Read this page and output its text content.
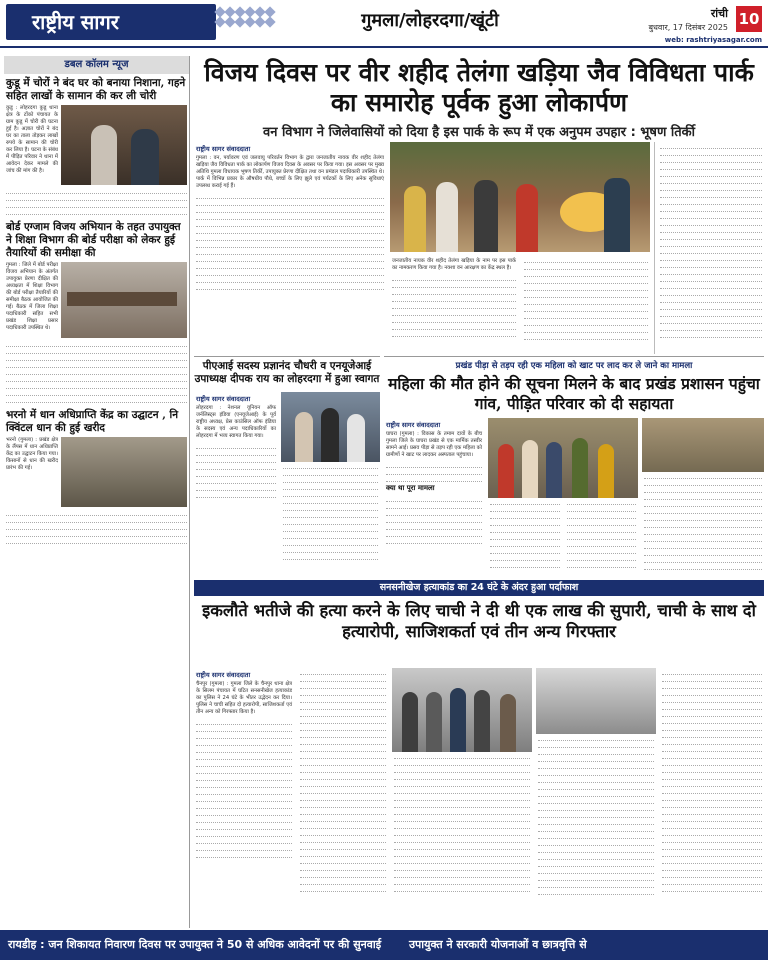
राष्ट्रीय सागर	गुमला/लोहरदगा/खूंटी	रांची
बुधवार, 17 दिसंबर 2025
web: rashtriyasagar.com
10
डबल कॉलम न्यूज
कुडू में चोरों ने बंद घर को बनाया निशाना, गहने सहित लाखों के सामान की कर ली चोरी
कुडू : लोहरदगा कुडू थाना क्षेत्र के टोंको पंचायत के ग्राम कुडू में चोरी की घटना हुई है। अज्ञात चोरों ने बंद घर का ताला तोड़कर लाखों रुपये के सामान की चोरी कर लिया है। घटना के संबंध में पीड़ित परिवार ने थाना में आवेदन देकर मामले की जांच की मांग की है।
बोर्ड एग्जाम विजय अभियान के तहत उपायुक्त ने शिक्षा विभाग की बोर्ड परीक्षा को लेकर हुई तैयारियों की समीक्षा की
गुमला : जिले में बोर्ड परीक्षा विजय अभियान के अंतर्गत उपायुक्त प्रेरणा दीक्षित की अध्यक्षता में शिक्षा विभाग की बोर्ड परीक्षा तैयारियों की समीक्षा बैठक आयोजित की गई। बैठक में जिला शिक्षा पदाधिकारी सहित सभी प्रखंड शिक्षा प्रसार पदाधिकारी उपस्थित थे।
भरनो में धान अधिप्राप्ति केंद्र का उद्घाटन , नि क्विंटल धान की हुई खरीद
भरनो (गुमला) : प्रखंड क्षेत्र के लैंपस में धान अधिप्राप्ति केंद्र का उद्घाटन किया गया। किसानों से धान की खरीद प्रारंभ की गई।
विजय दिवस पर वीर शहीद तेलंगा खड़िया जैव विविधता पार्क का समारोह पूर्वक हुआ लोकार्पण
वन विभाग ने जिलेवासियों को दिया है इस पार्क के रूप में एक अनुपम उपहार : भूषण तिर्की
राष्ट्रीय सागर संवाददाता
गुमला : वन, पर्यावरण एवं जलवायु परिवर्तन विभाग के द्वारा जनजातीय नायक वीर शहीद तेलंगा खड़िया जैव विविधता पार्क का लोकार्पण विजय दिवस के अवसर पर किया गया। इस अवसर पर मुख्य अतिथि गुमला विधायक भूषण तिर्की, उपायुक्त प्रेरणा दीक्षित तथा वन प्रमंडल पदाधिकारी उपस्थित थे। पार्क में विभिन्न प्रकार के औषधीय पौधे, बच्चों के लिए झूले एवं पर्यटकों के लिए अनेक सुविधाएं उपलब्ध कराई गई हैं।
जनजातीय नायक वीर शहीद तेलंगा खड़िया के नाम पर इस पार्क का नामकरण किया गया है। नक्शा वन आरक्षण का केंद्र स्थल है।
पीएआई सदस्य प्रज्ञानंद चौधरी व एनयूजेआई उपाध्यक्ष दीपक राय का लोहरदगा में हुआ स्वागत
राष्ट्रीय सागर संवाददाता
लोहरदगा : नेशनल यूनियन ऑफ जर्नलिस्ट्स इंडिया (एनयूजेआई) के पूर्व राष्ट्रीय अध्यक्ष, प्रेस काउंसिल ऑफ इंडिया के सदस्य एवं अन्य पदाधिकारियों का लोहरदगा में भव्य स्वागत किया गया।
प्रखंड पीड़ा से तड़प रही एक महिला को खाट पर लाद कर ले जाने का मामला
महिला की मौत होने की सूचना मिलने के बाद प्रखंड प्रशासन पहुंचा गांव, पीड़ित परिवार को दी सहायता
राष्ट्रीय सागर संवाददाता
घाघरा (गुमला) : विकास के तमाम दावों के बीच गुमला जिले के घाघरा प्रखंड से एक मार्मिक तस्वीर सामने आई। प्रसव पीड़ा से तड़प रही एक महिला को ग्रामीणों ने खाट पर लादकर अस्पताल पहुंचाया।
क्या था पूरा मामला
सनसनीखेज हत्याकांड का 24 घंटे के अंदर हुआ पर्दाफाश
इकलौते भतीजे की हत्या करने के लिए चाची ने दी थी एक लाख की सुपारी, चाची के साथ दो हत्यारोपी, साजिशकर्ता एवं तीन अन्य गिरफ्तार
राष्ट्रीय सागर संवाददाता
चैनपुर (गुमला) : गुमला जिले के चैनपुर थाना क्षेत्र के सिलम पंचायत में घटित सनसनीखेज हत्याकांड का पुलिस ने 24 घंटे के भीतर उद्भेदन कर दिया। पुलिस ने चाची सहित दो हत्यारोपी, साजिशकर्ता एवं तीन अन्य को गिरफ्तार किया है।
रायडीह : जन शिकायत निवारण दिवस पर उपायुक्त ने 50 से अधिक आवेदनों पर की सुनवाई	उपायुक्त ने सरकारी योजनाओं व छात्रवृत्ति से
